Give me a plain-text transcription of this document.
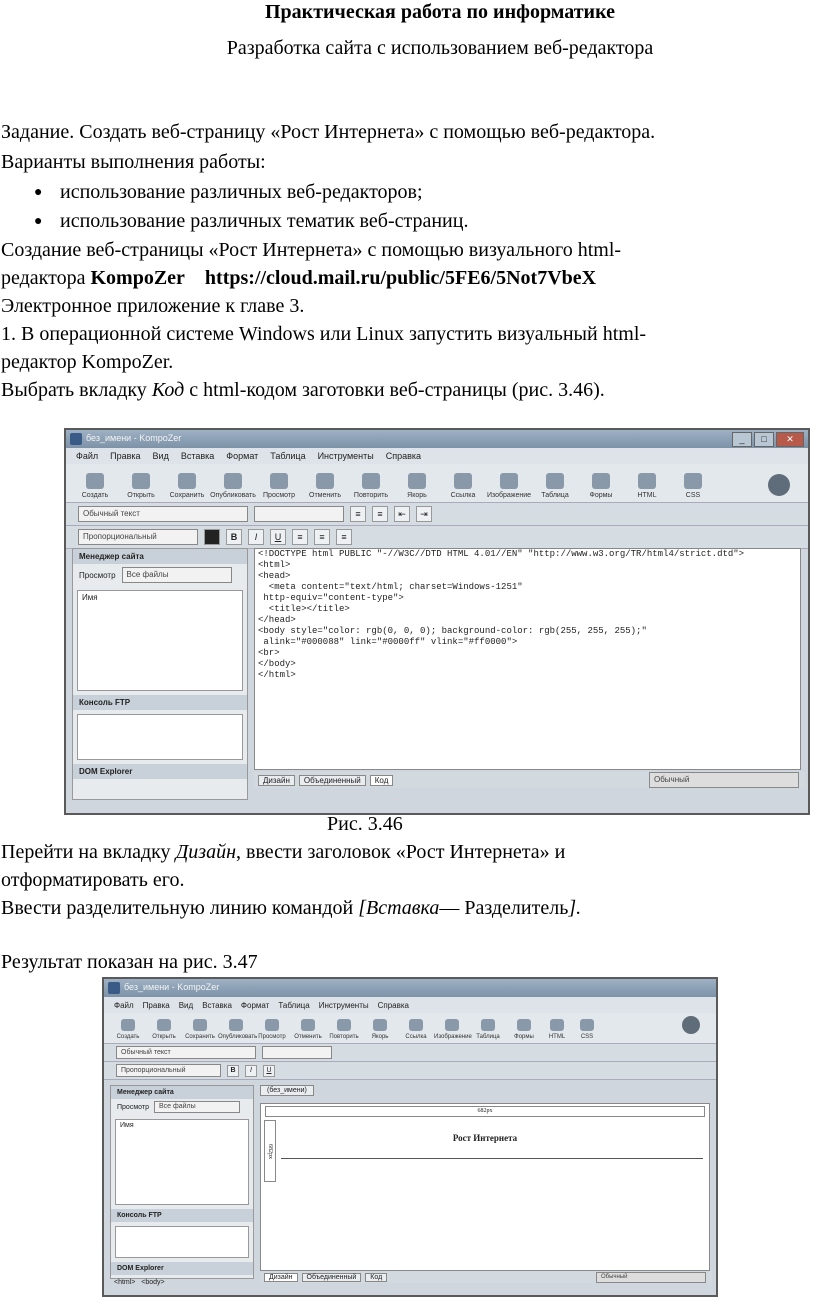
Практическая работа по информатике
Разработка сайта с использованием веб-редактора
Задание. Создать веб-страницу «Рост Интернета» с помощью веб-редактора.
Варианты выполнения работы:
● использование различных веб-редакторов;
● использование различных тематик веб-страниц.
Создание веб-страницы «Рост Интернета» с помощью визуального html-
редактора KompoZer https://cloud.mail.ru/public/5FE6/5Not7VbeX
Электронное приложение к главе 3.
1. В операционной системе Windows или Linux запустить визуальный html-
редактор KompoZer.
Выбрать вкладку Код с html-кодом заготовки веб-страницы (рис. 3.46).
без_имени - KompoZer	_	□	✕
Файл Правка Вид Вставка Формат Таблица Инструменты Справка
Создать	Открыть	Сохранить Опубликовать	Просмотр	Отменить	Повторить	Якорь	Ссылка	Изображение	Таблица	Формы	HTML	CSS
Обычный текст	≡	≡	⇤	⇥
Пропорциональный	B	I	U	≡	≡	≡
Менеджер сайта
Просмотр	Все файлы
Имя
Консоль FTP
DOM Explorer
<!DOCTYPE html PUBLIC "-//W3C//DTD HTML 4.01//EN" "http://www.w3.org/TR/html4/strict.dtd">
<html>
<head>
<meta content="text/html; charset=Windows-1251"
http-equiv="content-type">
<title></title>
</head>
<body style="color: rgb(0, 0, 0); background-color: rgb(255, 255, 255);"
alink="#000088" link="#0000ff" vlink="#ff0000">
<br>
</body>
</html>
Дизайн	Объединенный	Код	Обычный
Рис. 3.46
Перейти на вкладку Дизайн, ввести заголовок «Рост Интернета» и
отформатировать его.
Ввести разделительную линию командой [Вставка— Разделитель].
Результат показан на рис. 3.47
без_имени - KompoZer
Файл Правка Вид Вставка Формат Таблица Инструменты Справка
Создать	Открыть	Сохранить Опубликовать Просмотр	Отменить	Повторить	Якорь	Ссылка	Изображение Таблица	Формы	HTML	CSS
Обычный текст
Пропорциональный	B	I	U
Менеджер сайта
Просмотр	Все файлы
Имя
Консоль FTP
DOM Explorer
(без_имени)
682px
682px
Рост Интернета
Дизайн	Объединенный	Код	Обычный
<html> <body>
